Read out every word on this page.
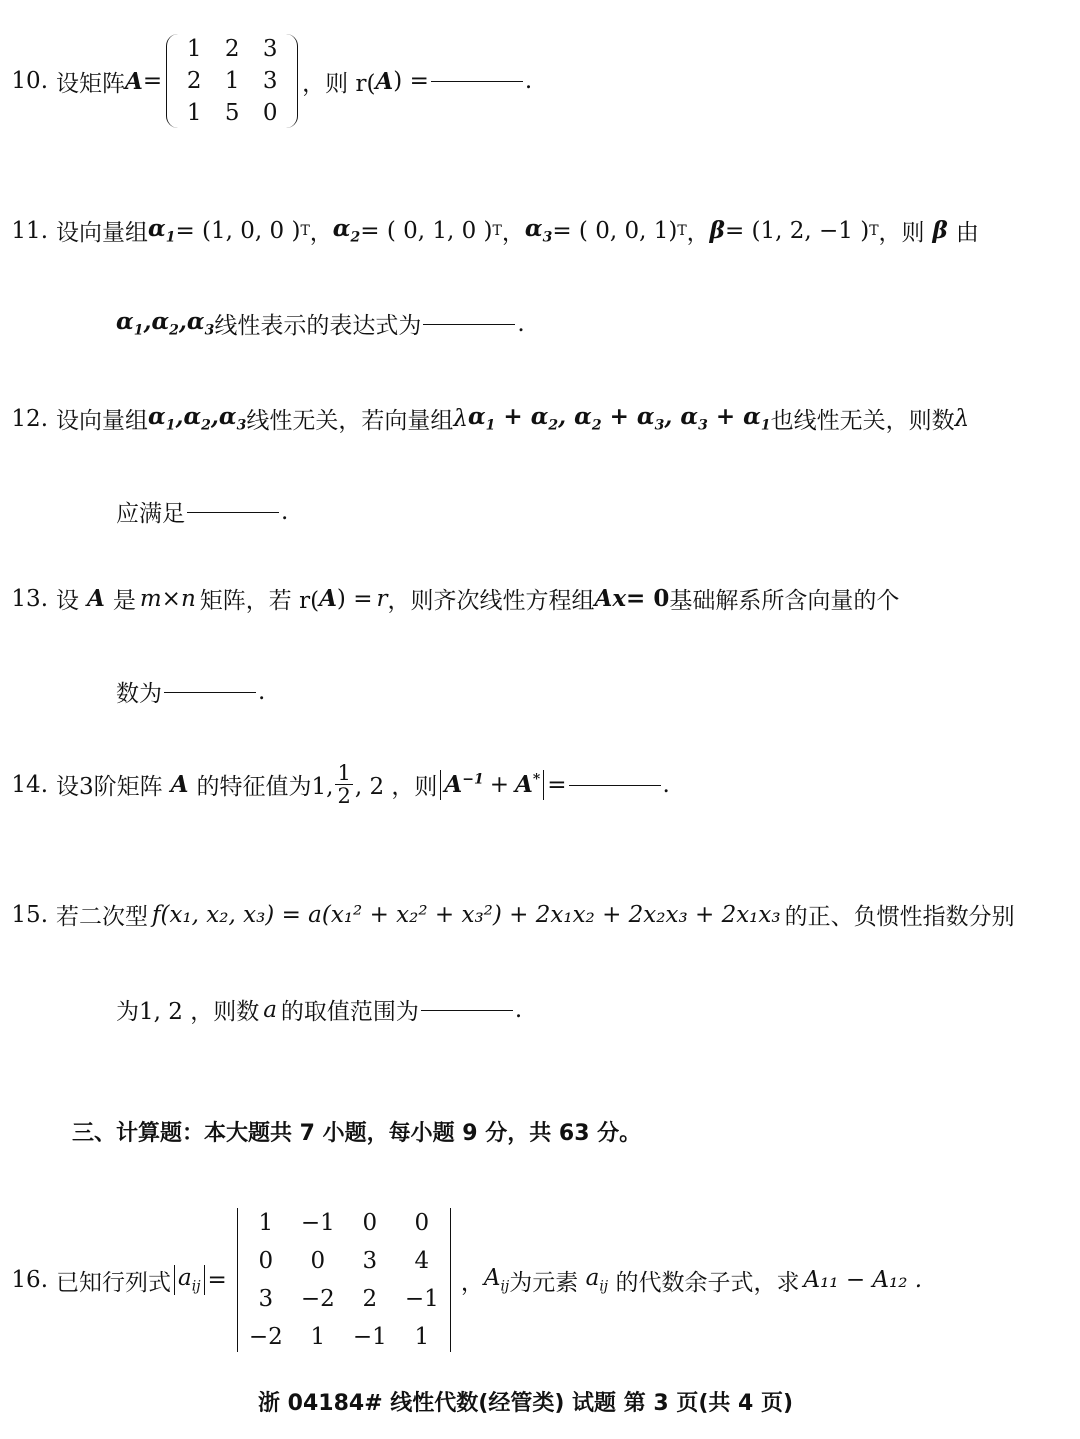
10. 设矩阵 A =
1 2 3
2 1 3
1 5 0
，则 r( A ) =	.
11. 设向量组 $\alpha_1 = (1$, 0, 0 ) T ， $\alpha_2$ = ( 0, 1, 0 ) T ， $\alpha_3$ = ( 0, 0, 1) T ， β = (1, 2, −1 ) T ，则 β 由
$\alpha_1,\alpha_2,\alpha_3$ 线性表示的表达式为	.
12. 设向量组 $\alpha_1,\alpha_2,\alpha_3$ 线性无关，若向量组 λ $\alpha_1 + \alpha_2$, $\alpha_2 + \alpha_3$, $\alpha_3 + \alpha_1$ 也线性无关，则数 λ
应满足	.
13. 设 A 是 m×n 矩阵，若 r( A ) = r ，则齐次线性方程组 Ax = 0 基础解系所含向量的个
数为	.
14. 设3阶矩阵 A 的特征值为1, $\frac{1}{2}$ , 2 ，则 $A^{-1} + A^*$ =	.
15. 若二次型 f(x₁, x₂, x₃) = a(x₁² + x₂² + x₃²) + 2x₁x₂ + 2x₂x₃ + 2x₁x₃ 的正、负惯性指数分别
为1, 2 ，则数 a 的取值范围为	.
三、计算题：本大题共 7 小题，每小题 9 分，共 63 分。
16. 已知行列式 $a_{ij}$ =
1	−1	0	0
0	0	3	4
3	−2	2	−1
−2	1	−1	1
， $A_{ij}$ 为元素 $a_{ij}$ 的代数余子式，求 A₁₁ − A₁₂ .
浙 04184# 线性代数(经管类) 试题 第 3 页(共 4 页)
